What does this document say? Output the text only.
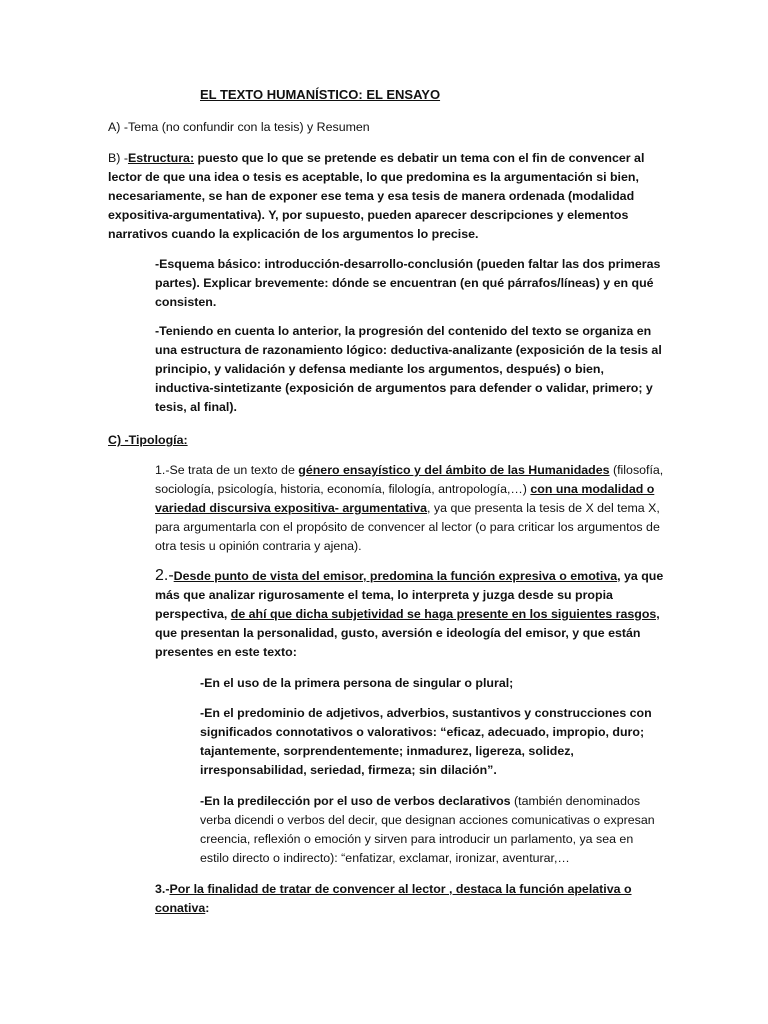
EL TEXTO HUMANÍSTICO: EL ENSAYO
A) -Tema (no confundir con la tesis) y Resumen
B) -Estructura: puesto que lo que se pretende es debatir un tema con el fin de convencer al lector de que una idea o tesis es aceptable, lo que predomina es la argumentación si bien, necesariamente, se han de exponer ese tema y esa tesis de manera ordenada (modalidad expositiva-argumentativa). Y, por supuesto, pueden aparecer descripciones y elementos narrativos cuando la explicación de los argumentos lo precise.
-Esquema básico: introducción-desarrollo-conclusión (pueden faltar las dos primeras partes). Explicar brevemente: dónde se encuentran (en qué párrafos/líneas) y en qué consisten.
-Teniendo en cuenta lo anterior, la progresión del contenido del texto se organiza en una estructura de razonamiento lógico: deductiva-analizante (exposición de la tesis al principio, y validación y defensa mediante los argumentos, después) o bien, inductiva-sintetizante (exposición de argumentos para defender o validar, primero; y tesis, al final).
C) -Tipología:
1.-Se trata de un texto de género ensayístico y del ámbito de las Humanidades (filosofía, sociología, psicología, historia, economía, filología, antropología,…) con una modalidad o variedad discursiva expositiva- argumentativa, ya que presenta la tesis de X del tema X, para argumentarla con el propósito de convencer al lector (o para criticar los argumentos de otra tesis u opinión contraria y ajena).
2.-Desde punto de vista del emisor, predomina la función expresiva o emotiva, ya que más que analizar rigurosamente el tema, lo interpreta y juzga desde su propia perspectiva, de ahí que dicha subjetividad se haga presente en los siguientes rasgos, que presentan la personalidad, gusto, aversión e ideología del emisor, y que están presentes en este texto:
-En el uso de la primera persona de singular o plural;
-En el predominio de adjetivos, adverbios, sustantivos y construcciones con significados connotativos o valorativos: “eficaz, adecuado, impropio, duro; tajantemente, sorprendentemente; inmadurez, ligereza, solidez, irresponsabilidad, seriedad, firmeza; sin dilación”.
-En la predilección por el uso de verbos declarativos (también denominados verba dicendi o verbos del decir, que designan acciones comunicativas o expresan creencia, reflexión o emoción y sirven para introducir un parlamento, ya sea en estilo directo o indirecto): “enfatizar, exclamar, ironizar, aventurar,…
3.-Por la finalidad de tratar de convencer al lector , destaca la función apelativa o conativa:
